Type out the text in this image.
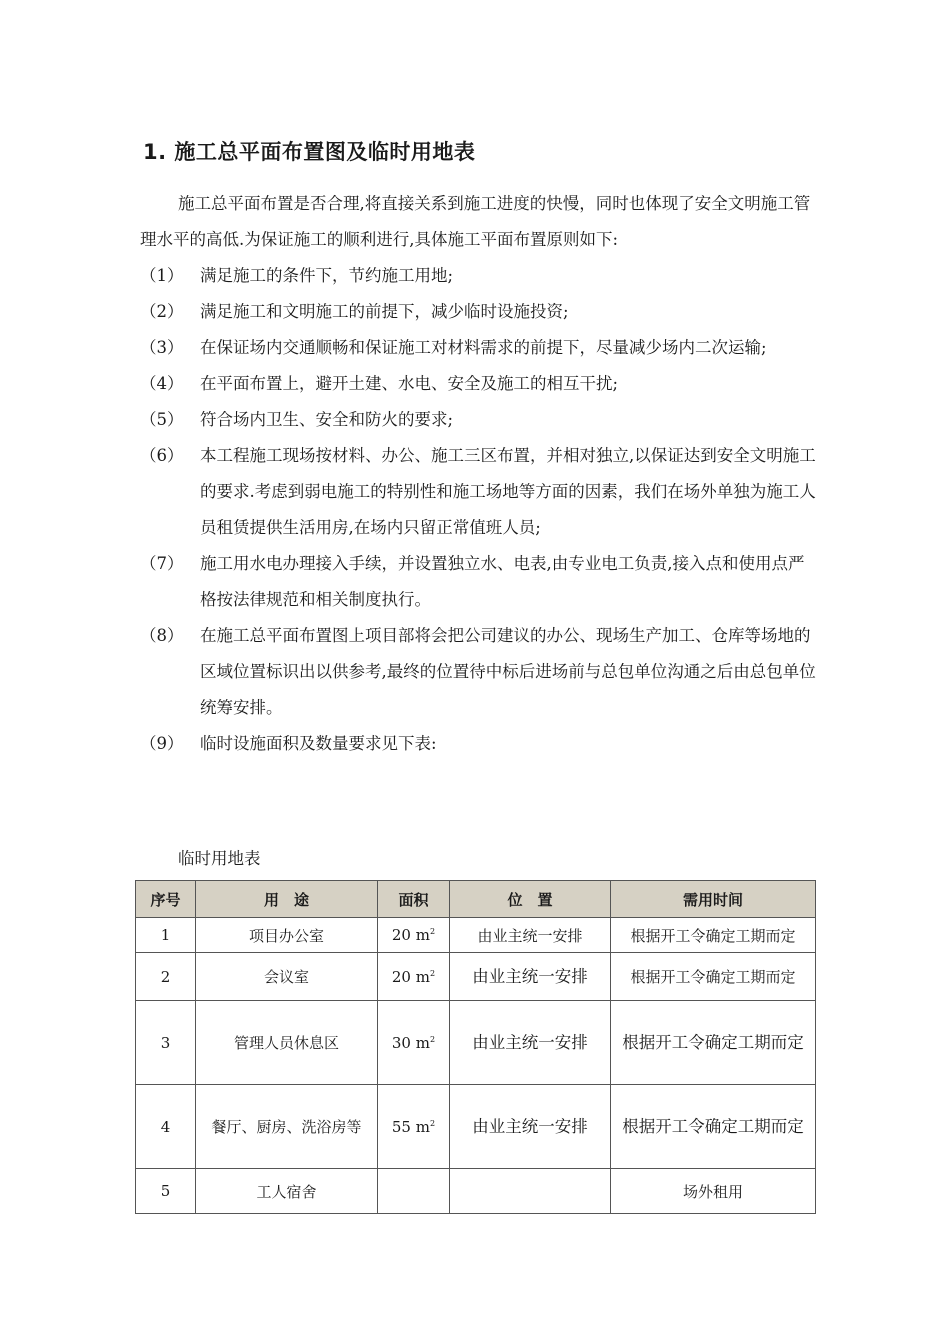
1. 施工总平面布置图及临时用地表

施工总平面布置是否合理,将直接关系到施工进度的快慢，同时也体现了安全文明施工管理水平的高低.为保证施工的顺利进行,具体施工平面布置原则如下:

（1）	满足施工的条件下，节约施工用地;
（2）	满足施工和文明施工的前提下，减少临时设施投资;
（3）	在保证场内交通顺畅和保证施工对材料需求的前提下，尽量减少场内二次运输;
（4）	在平面布置上，避开土建、水电、安全及施工的相互干扰;
（5）	符合场内卫生、安全和防火的要求;
（6）	本工程施工现场按材料、办公、施工三区布置，并相对独立,以保证达到安全文明施工的要求.考虑到弱电施工的特别性和施工场地等方面的因素，我们在场外单独为施工人员租赁提供生活用房,在场内只留正常值班人员;
（7）	施工用水电办理接入手续，并设置独立水、电表,由专业电工负责,接入点和使用点严格按法律规范和相关制度执行。
（8）	在施工总平面布置图上项目部将会把公司建议的办公、现场生产加工、仓库等场地的区域位置标识出以供参考,最终的位置待中标后进场前与总包单位沟通之后由总包单位统筹安排。
（9）	临时设施面积及数量要求见下表:
临时用地表
序号	用　途	面积	位　置	需用时间
1	项目办公室	20 $m^2$	由业主统一安排	根据开工令确定工期而定
2	会议室	20 $m^2$	由业主统一安排	根据开工令确定工期而定
3	管理人员休息区	30 $m^2$	由业主统一安排	根据开工令确定工期而定
4	餐厅、厨房、洗浴房等	55 $m^2$	由业主统一安排	根据开工令确定工期而定
5	工人宿舍			场外租用
